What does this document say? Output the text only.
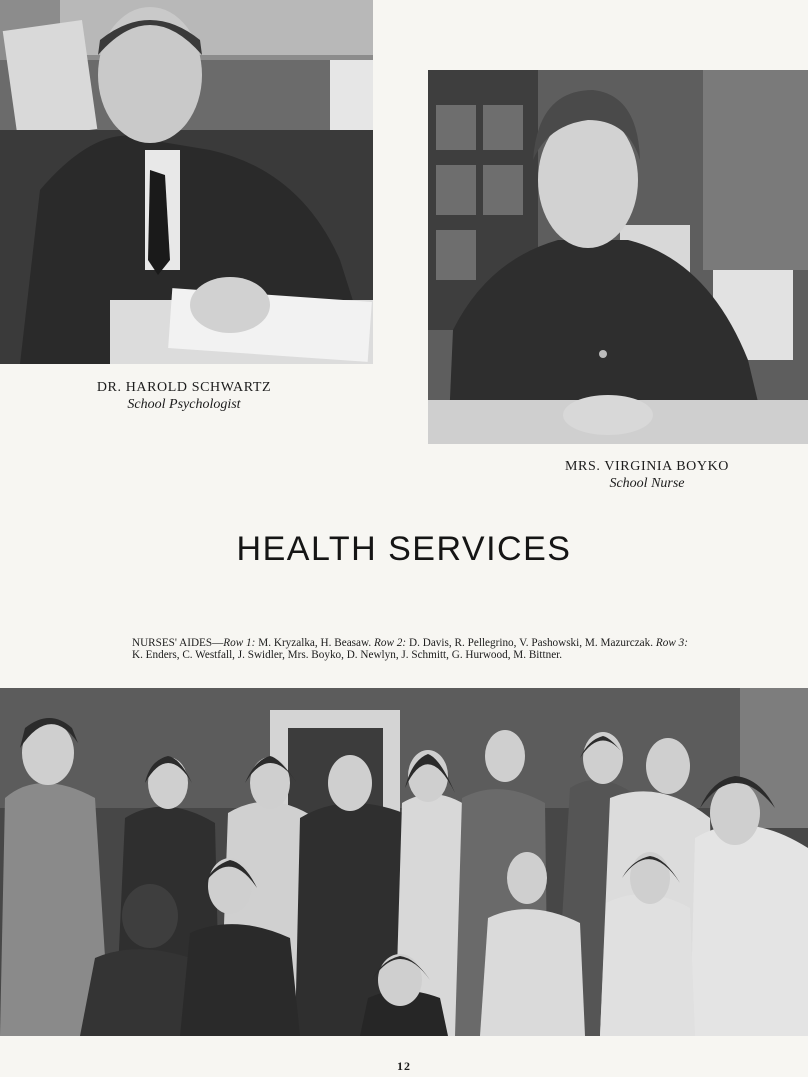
DR. HAROLD SCHWARTZ
School Psychologist
MRS. VIRGINIA BOYKO
School Nurse
HEALTH SERVICES
NURSES' AIDES—Row 1: M. Kryzalka, H. Beasaw. Row 2: D. Davis, R. Pellegrino, V. Pashowski, M. Mazurczak. Row 3: K. Enders, C. Westfall, J. Swidler, Mrs. Boyko, D. Newlyn, J. Schmitt, G. Hurwood, M. Bittner.
12
